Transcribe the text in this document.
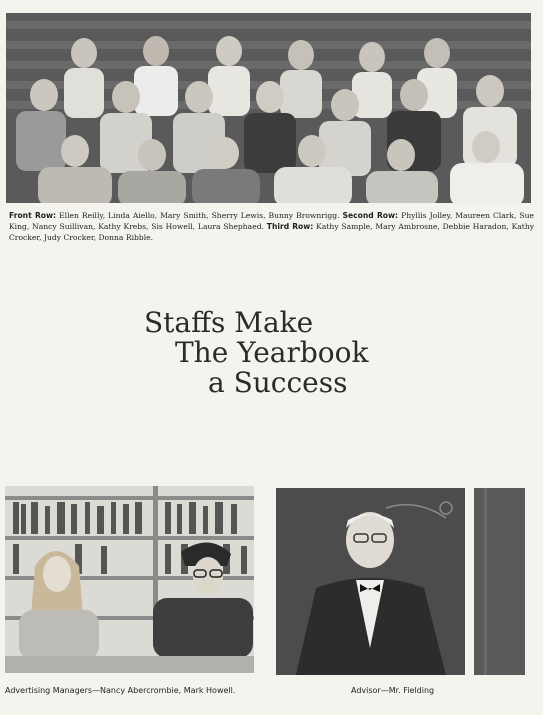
Front Row: Ellen Reilly, Linda Aiello, Mary Smith, Sherry Lewis, Bunny Brownrigg. Second Row: Phyllis Jolley, Maureen Clark, Sue King, Nancy Suillivan, Kathy Krebs, Sis Howell, Laura Shephaed. Third Row: Kathy Sample, Mary Ambrosne, Debbie Haradon, Kathy Crocker, Judy Crocker, Donna Ribble.
Staffs Make
The Yearbook
a Success
Advertising Managers—Nancy Abercrombie, Mark Howell.	Advisor—Mr. Fielding
